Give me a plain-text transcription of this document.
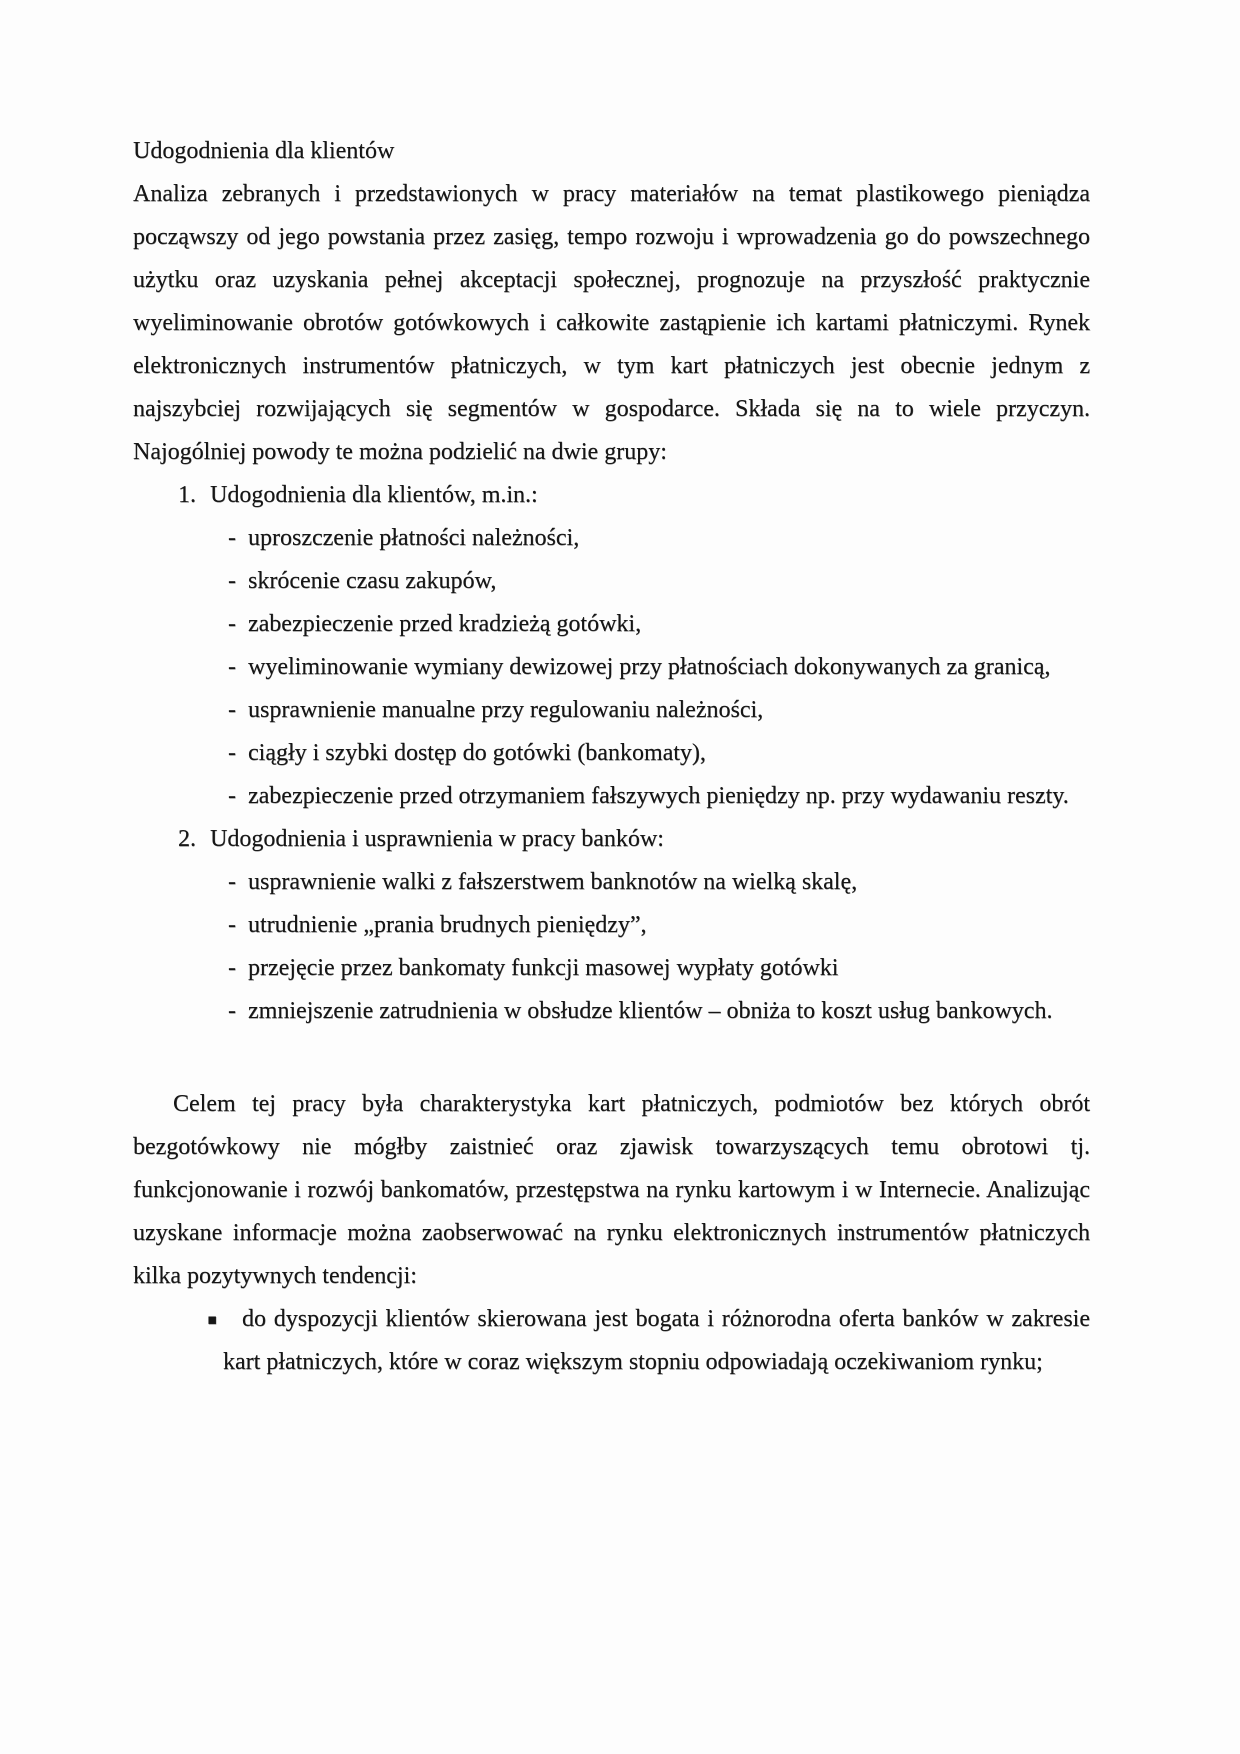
Udogodnienia dla klientów

Analiza zebranych i przedstawionych w pracy materiałów na temat plastikowego pieniądza począwszy od jego powstania przez zasięg, tempo rozwoju i wprowadzenia go do powszechnego użytku oraz uzyskania pełnej akceptacji społecznej, prognozuje na przyszłość praktycznie wyeliminowanie obrotów gotówkowych i całkowite zastąpienie ich kartami płatniczymi. Rynek elektronicznych instrumentów płatniczych, w tym kart płatniczych jest obecnie jednym z najszybciej rozwijających się segmentów w gospodarce. Składa się na to wiele przyczyn. Najogólniej powody te można podzielić na dwie grupy:

1. Udogodnienia dla klientów, m.in.:
- uproszczenie płatności należności,
- skrócenie czasu zakupów,
- zabezpieczenie przed kradzieżą gotówki,
- wyeliminowanie wymiany dewizowej przy płatnościach dokonywanych za granicą,
- usprawnienie manualne przy regulowaniu należności,
- ciągły i szybki dostęp do gotówki (bankomaty),
- zabezpieczenie przed otrzymaniem fałszywych pieniędzy np. przy wydawaniu reszty.
2. Udogodnienia i usprawnienia w pracy banków:
- usprawnienie walki z fałszerstwem banknotów na wielką skalę,
- utrudnienie „prania brudnych pieniędzy”,
- przejęcie przez bankomaty funkcji masowej wypłaty gotówki
- zmniejszenie zatrudnienia w obsłudze klientów – obniża to koszt usług bankowych.

Celem tej pracy była charakterystyka kart płatniczych, podmiotów bez których obrót bezgotówkowy nie mógłby zaistnieć oraz zjawisk towarzyszących temu obrotowi tj. funkcjonowanie i rozwój bankomatów, przestępstwa na rynku kartowym i w Internecie. Analizując uzyskane informacje można zaobserwować na rynku elektronicznych instrumentów płatniczych kilka pozytywnych tendencji:

▪	do dyspozycji klientów skierowana jest bogata i różnorodna oferta banków w zakresie kart płatniczych, które w coraz większym stopniu odpowiadają oczekiwaniom rynku;
